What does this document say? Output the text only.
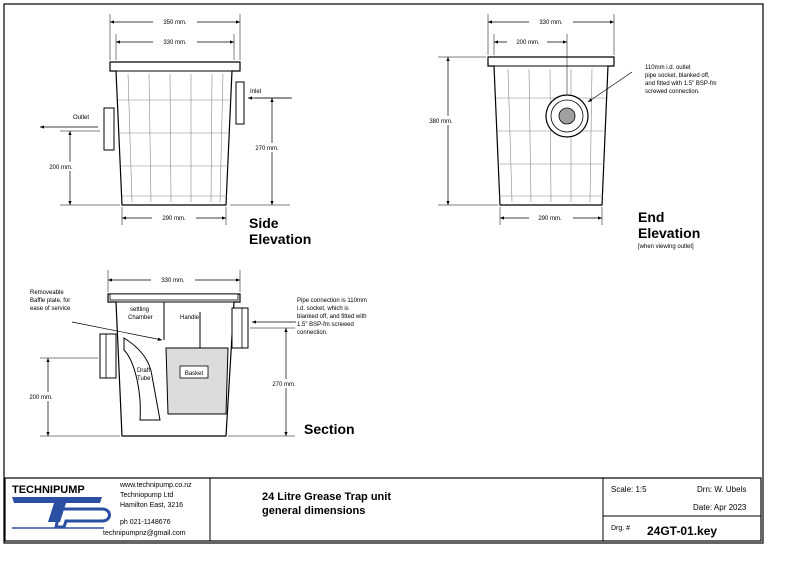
350 mm.
330 mm.
290 mm.
200 mm.
270 mm.
Outlet
Inlet
Side
Elevation
330 mm.
200 mm.
380 mm.
290 mm.
110mm i.d. outlet
pipe socket, blanked off,
and fitted with 1.5" BSP-fm
screwed connection.
End
Elevation
[when viewing outlet]
330 mm.
200 mm.
270 mm.
Removeable
Baffle plate, for
ease of service	settling
Chamber	Handle
Draft
Tube
Basket
Pipe connection is 110mm
i.d. socket, which is
blanked off, and fitted with
1.5" BSP-fm screwed
connection.
Section
TECHNIPUMP	www.technipump.co.nz
Techniopump Ltd
Hamilton East, 3216
ph 021-1148676
technipumpnz@gmail.com
24 Litre Grease Trap unit
general dimensions
Scale: 1:5	Drn: W. Ubels
Date: Apr 2023
Drg. # 24GT-01.key
